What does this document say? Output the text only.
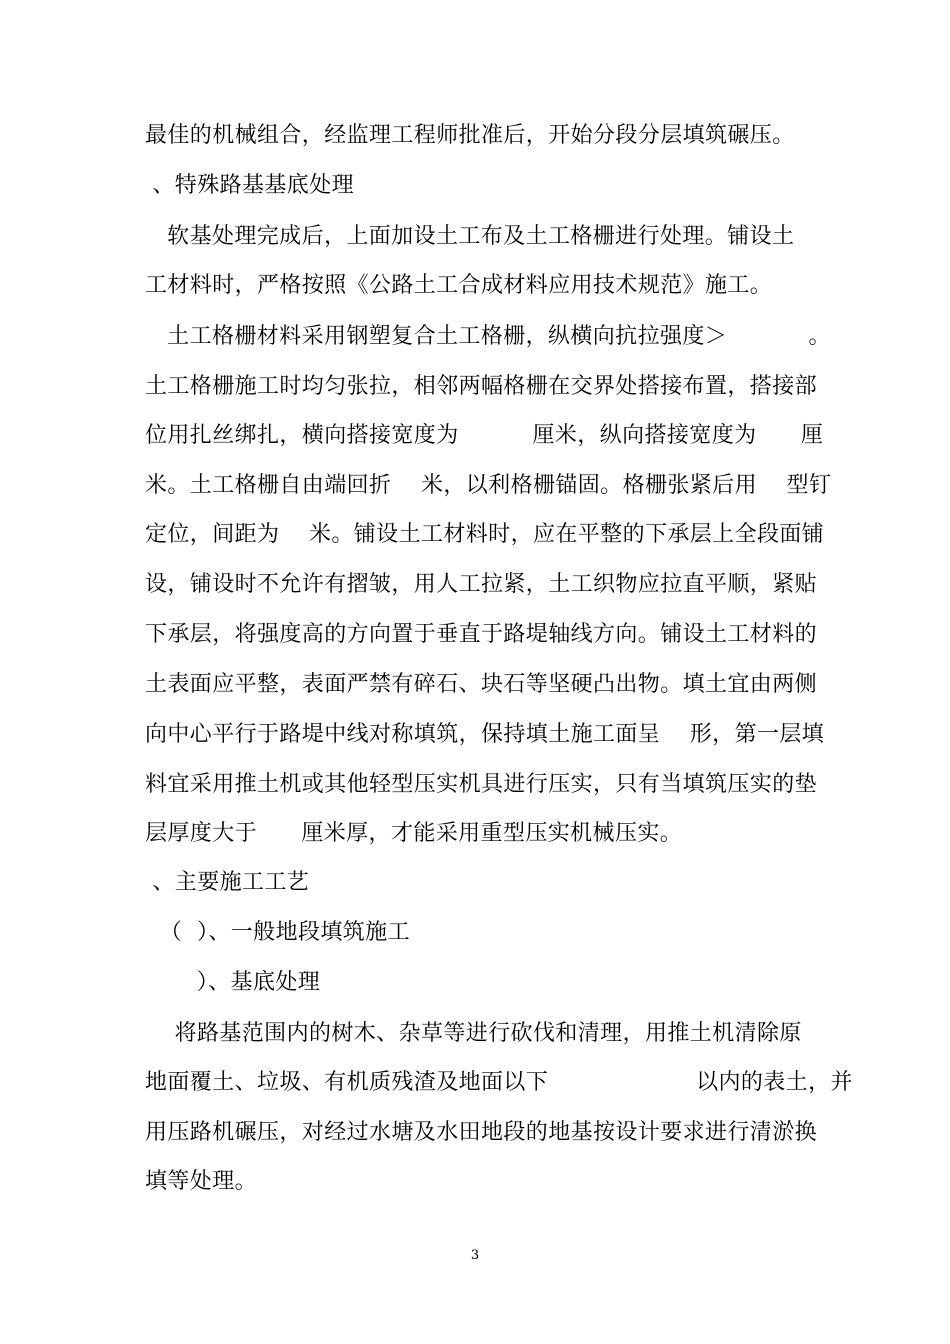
最佳的机械组合，经监理工程师批准后，开始分段分层填筑碾压。
、特殊路基基底处理
软基处理完成后，上面加设土工布及土工格栅进行处理。铺设土
工材料时，严格按照《公路土工合成材料应用技术规范》施工。
土工格栅材料采用钢塑复合土工格栅，纵横向抗拉强度＞           。
土工格栅施工时均匀张拉，相邻两幅格栅在交界处搭接布置，搭接部
位用扎丝绑扎，横向搭接宽度为          厘米，纵向搭接宽度为      厘
米。土工格栅自由端回折    米，以利格栅锚固。格栅张紧后用    型钉
定位，间距为    米。铺设土工材料时，应在平整的下承层上全段面铺
设，铺设时不允许有摺皱，用人工拉紧，土工织物应拉直平顺，紧贴
下承层，将强度高的方向置于垂直于路堤轴线方向。铺设土工材料的
土表面应平整，表面严禁有碎石、块石等坚硬凸出物。填土宜由两侧
向中心平行于路堤中线对称填筑，保持填土施工面呈    形，第一层填
料宜采用推土机或其他轻型压实机具进行压实，只有当填筑压实的垫
层厚度大于      厘米厚，才能采用重型压实机械压实。
、主要施工工艺
（  ）、一般地段填筑施工
）、基底处理
将路基范围内的树木、杂草等进行砍伐和清理，用推土机清除原
地面覆土、垃圾、有机质残渣及地面以下                    以内的表土，并
用压路机碾压，对经过水塘及水田地段的地基按设计要求进行清淤换
填等处理。
3
